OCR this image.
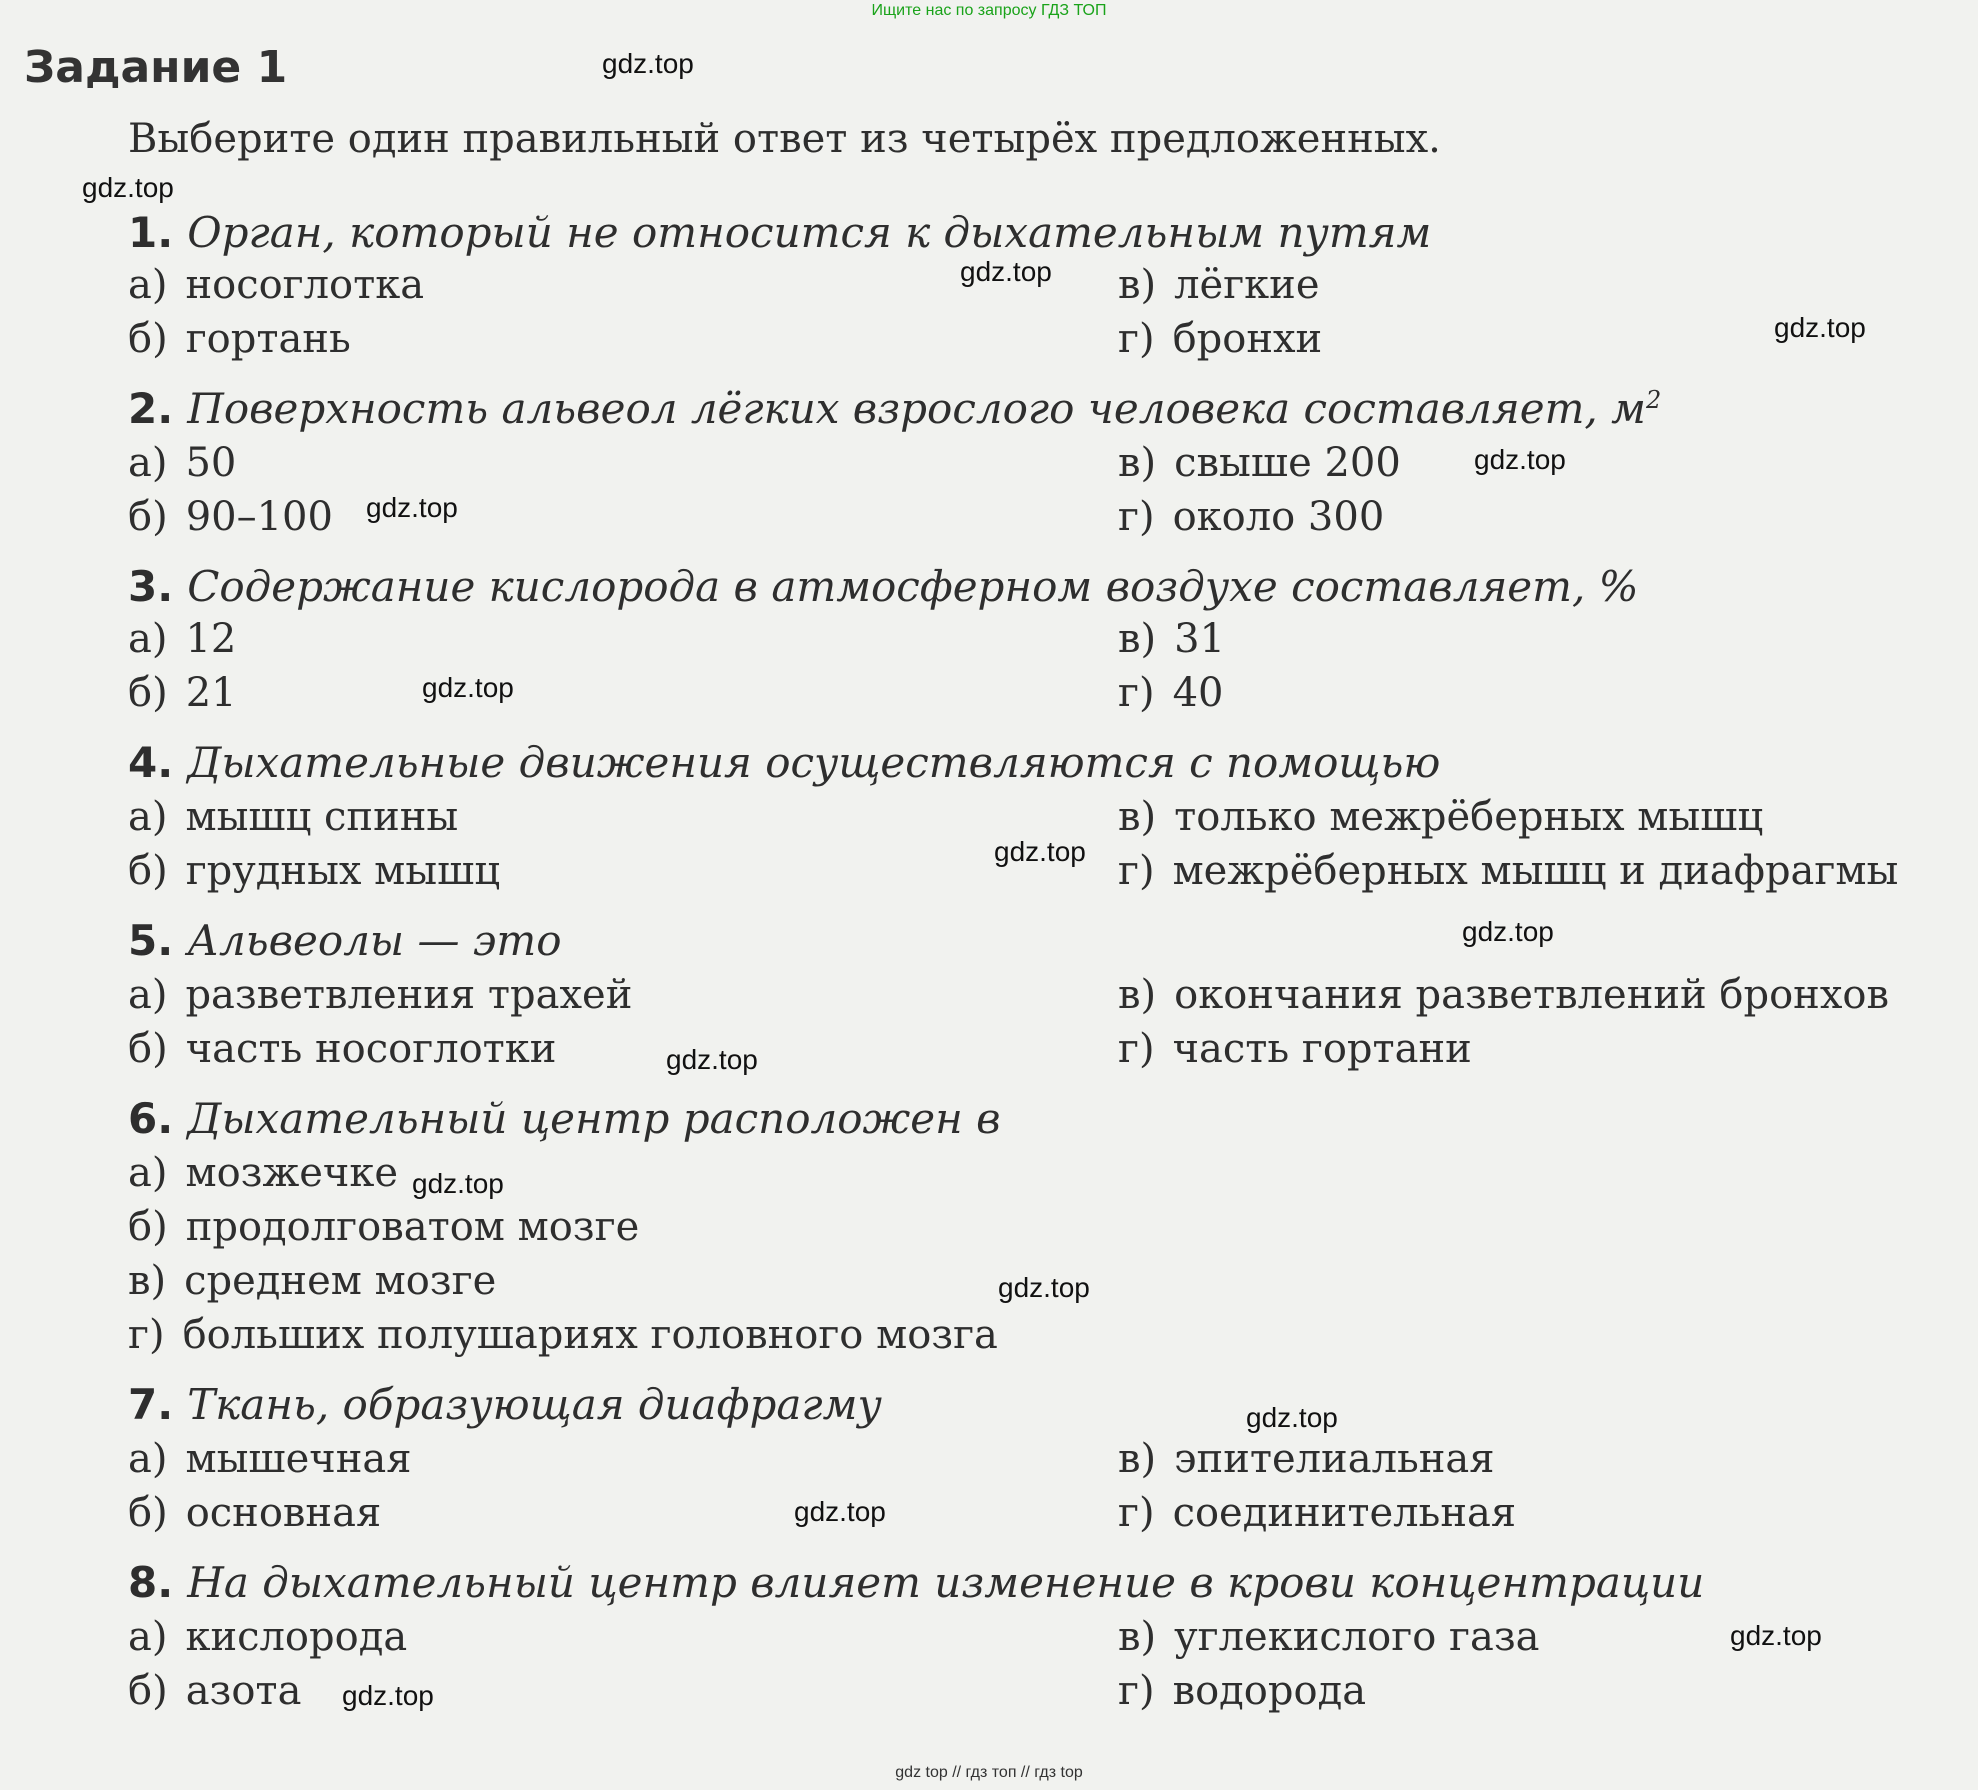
Ищите нас по запросу ГДЗ ТОП
Задание 1
Выберите один правильный ответ из четырёх предложенных.
1. Орган, который не относится к дыхательным путям
а) носоглотка
б) гортань
в) лёгкие
г) бронхи
2. Поверхность альвеол лёгких взрослого человека составляет, $м^2$
а) 50
б) 90–100
в) свыше 200
г) около 300
3. Содержание кислорода в атмосферном воздухе составляет, %
а) 12
б) 21
в) 31
г) 40
4. Дыхательные движения осуществляются с помощью
а) мышц спины
б) грудных мышц
в) только межрёберных мышц
г) межрёберных мышц и диафрагмы
5. Альвеолы — это
а) разветвления трахей
б) часть носоглотки
в) окончания разветвлений бронхов
г) часть гортани
6. Дыхательный центр расположен в
а) мозжечке
б) продолговатом мозге
в) среднем мозге
г) больших полушариях головного мозга
7. Ткань, образующая диафрагму
а) мышечная
б) основная
в) эпителиальная
г) соединительная
8. На дыхательный центр влияет изменение в крови концентрации
а) кислорода
б) азота
в) углекислого газа
г) водорода
gdz.top
gdz.top
gdz.top
gdz.top
gdz.top
gdz.top
gdz.top
gdz.top
gdz.top
gdz.top
gdz.top
gdz.top
gdz.top
gdz.top
gdz.top
gdz.top
gdz top // гдз топ // гдз top
